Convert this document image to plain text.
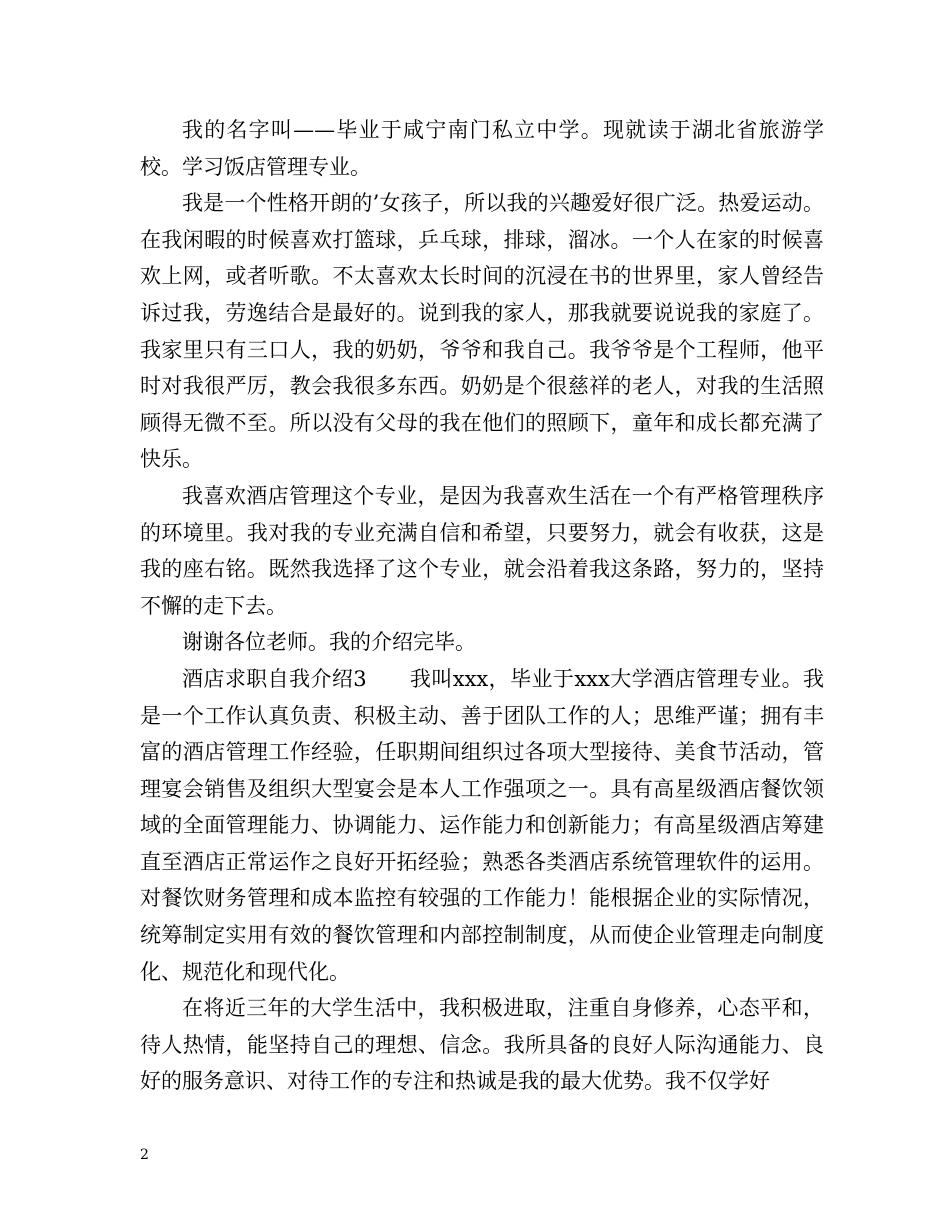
我的名字叫——毕业于咸宁南门私立中学。现就读于湖北省旅游学校。学习饭店管理专业。

我是一个性格开朗的’女孩子，所以我的兴趣爱好很广泛。热爱运动。在我闲暇的时候喜欢打篮球，乒乓球，排球，溜冰。一个人在家的时候喜欢上网，或者听歌。不太喜欢太长时间的沉浸在书的世界里，家人曾经告诉过我，劳逸结合是最好的。说到我的家人，那我就要说说我的家庭了。我家里只有三口人，我的奶奶，爷爷和我自己。我爷爷是个工程师，他平时对我很严厉，教会我很多东西。奶奶是个很慈祥的老人，对我的生活照顾得无微不至。所以没有父母的我在他们的照顾下，童年和成长都充满了快乐。

我喜欢酒店管理这个专业，是因为我喜欢生活在一个有严格管理秩序的环境里。我对我的专业充满自信和希望，只要努力，就会有收获，这是我的座右铭。既然我选择了这个专业，就会沿着我这条路，努力的，坚持不懈的走下去。

谢谢各位老师。我的介绍完毕。

酒店求职自我介绍3　　我叫xxx，毕业于xxx大学酒店管理专业。我是一个工作认真负责、积极主动、善于团队工作的人；思维严谨；拥有丰富的酒店管理工作经验，任职期间组织过各项大型接待、美食节活动，管理宴会销售及组织大型宴会是本人工作强项之一。具有高星级酒店餐饮领域的全面管理能力、协调能力、运作能力和创新能力；有高星级酒店筹建直至酒店正常运作之良好开拓经验；熟悉各类酒店系统管理软件的运用。对餐饮财务管理和成本监控有较强的工作能力！能根据企业的实际情况，统筹制定实用有效的餐饮管理和内部控制制度，从而使企业管理走向制度化、规范化和现代化。

在将近三年的大学生活中，我积极进取，注重自身修养，心态平和，待人热情，能坚持自己的理想、信念。我所具备的良好人际沟通能力、良好的服务意识、对待工作的专注和热诚是我的最大优势。我不仅学好

2
